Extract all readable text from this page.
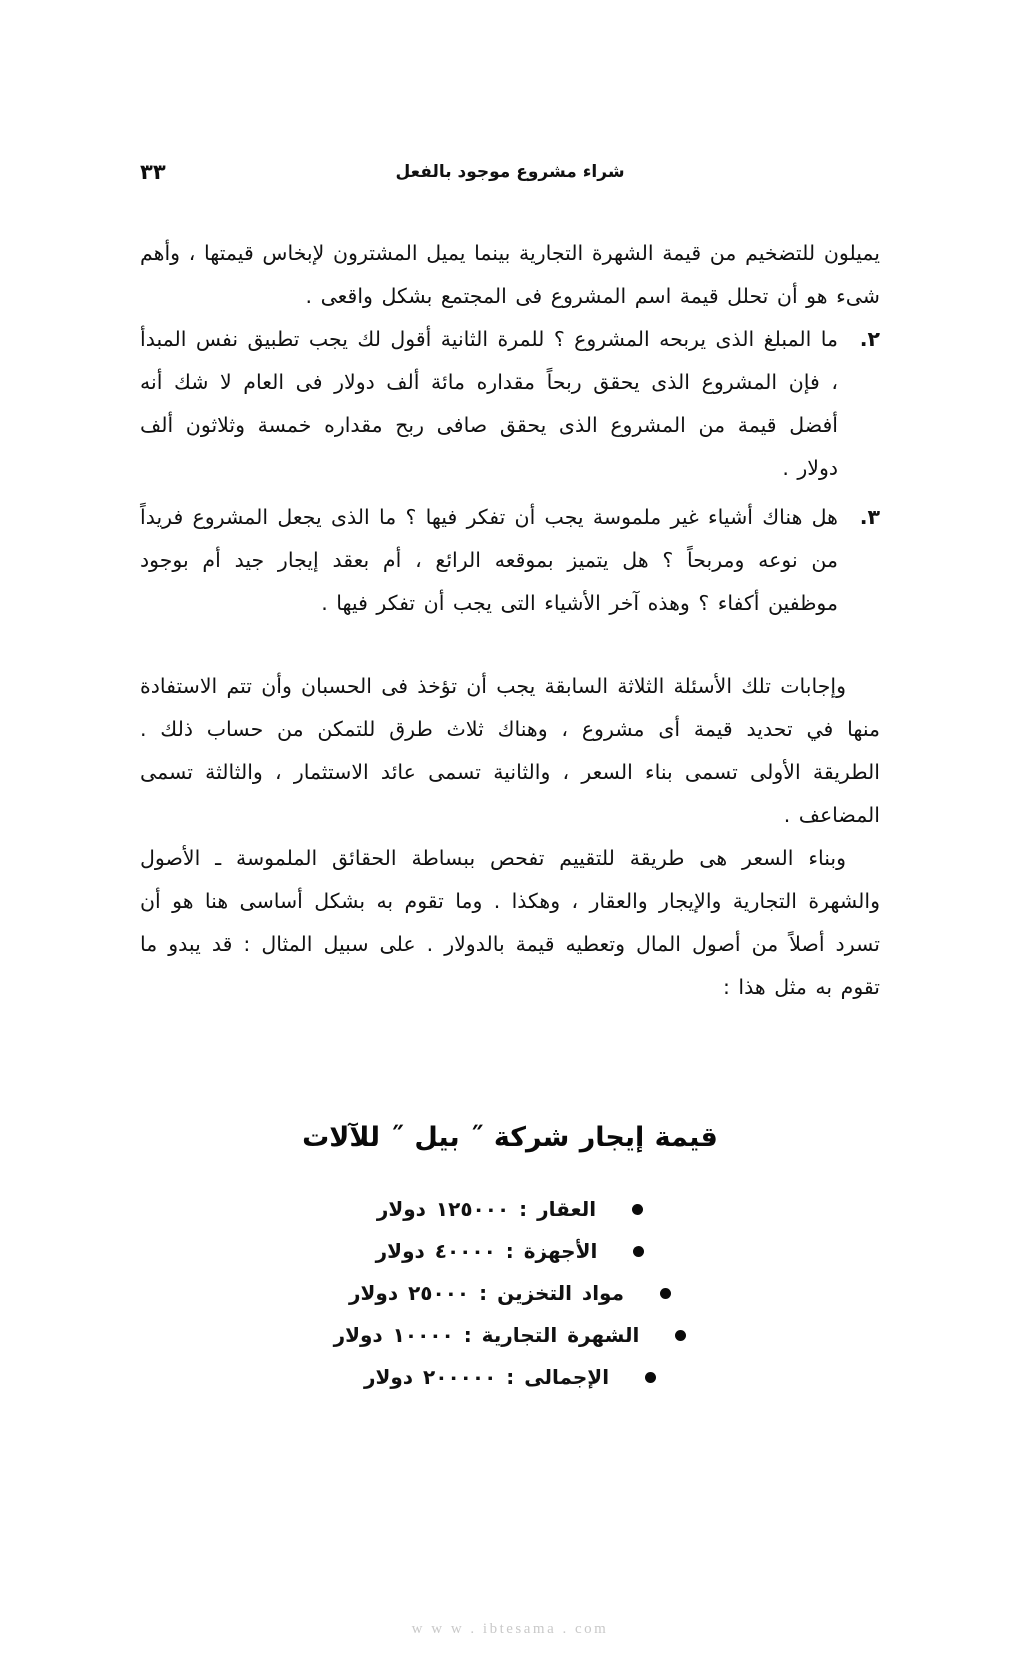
٣٣	شراء مشروع موجود بالفعل

يميلون للتضخيم من قيمة الشهرة التجارية بينما يميل المشترون لإبخاس قيمتها ، وأهم شىء هو أن تحلل قيمة اسم المشروع فى المجتمع بشكل واقعى .

٢.
ما المبلغ الذى يربحه المشروع ؟ للمرة الثانية أقول لك يجب تطبيق نفس المبدأ ، فإن المشروع الذى يحقق ربحاً مقداره مائة ألف دولار فى العام لا شك أنه أفضل قيمة من المشروع الذى يحقق صافى ربح مقداره خمسة وثلاثون ألف دولار .
٣.
هل هناك أشياء غير ملموسة يجب أن تفكر فيها ؟ ما الذى يجعل المشروع فريداً من نوعه ومربحاً ؟ هل يتميز بموقعه الرائع ، أم بعقد إيجار جيد أم بوجود موظفين أكفاء ؟ وهذه آخر الأشياء التى يجب أن تفكر فيها .

وإجابات تلك الأسئلة الثلاثة السابقة يجب أن تؤخذ فى الحسبان وأن تتم الاستفادة منها في تحديد قيمة أى مشروع ، وهناك ثلاث طرق للتمكن من حساب ذلك . الطريقة الأولى تسمى بناء السعر ، والثانية تسمى عائد الاستثمار ، والثالثة تسمى المضاعف .

وبناء السعر هى طريقة للتقييم تفحص ببساطة الحقائق الملموسة ـ الأصول والشهرة التجارية والإيجار والعقار ، وهكذا . وما تقوم به بشكل أساسى هنا هو أن تسرد أصلاً من أصول المال وتعطيه قيمة بالدولار . على سبيل المثال : قد يبدو ما تقوم به مثل هذا :

قيمة إيجار شركة ˝ بيل ˝ للآلات
العقار : ١٢٥٠٠٠ دولار
الأجهزة : ٤٠٠٠٠ دولار
مواد التخزين : ٢٥٠٠٠ دولار
الشهرة التجارية : ١٠٠٠٠ دولار
الإجمالى : ٢٠٠٠٠٠ دولار
w w w . ibtesama . com
